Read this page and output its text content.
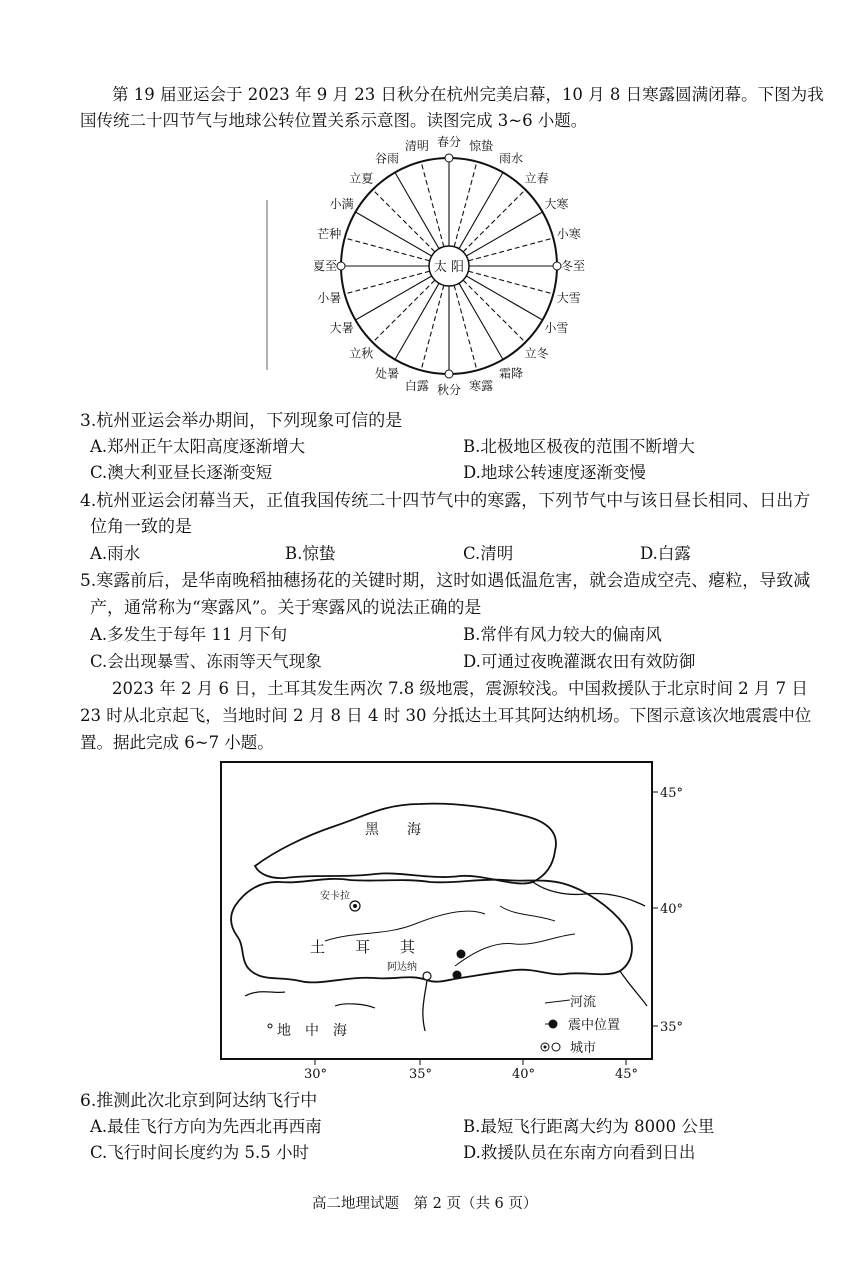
第 19 届亚运会于 2023 年 9 月 23 日秋分在杭州完美启幕，10 月 8 日寒露圆满闭幕。下图为我
国传统二十四节气与地球公转位置关系示意图。读图完成 3~6 小题。
春分 惊蛰
雨水
立春
大寒
小寒
冬至
大雪
小雪
立冬
霜降
寒露
秋分
白露
处暑
立秋
大暑
小暑
夏至
芒种
小满
立夏
谷雨
清明
太 阳
3.杭州亚运会举办期间，下列现象可信的是
A.郑州正午太阳高度逐渐增大	B.北极地区极夜的范围不断增大
C.澳大利亚昼长逐渐变短	D.地球公转速度逐渐变慢
4.杭州亚运会闭幕当天，正值我国传统二十四节气中的寒露，下列节气中与该日昼长相同、日出方
位角一致的是
A.雨水	B.惊蛰	C.清明	D.白露
5.寒露前后，是华南晚稻抽穗扬花的关键时期，这时如遇低温危害，就会造成空壳、瘪粒，导致减
产，通常称为“寒露风”。关于寒露风的说法正确的是
A.多发生于每年 11 月下旬	B.常伴有风力较大的偏南风
C.会出现暴雪、冻雨等天气现象	D.可通过夜晚灌溉农田有效防御
2023 年 2 月 6 日，土耳其发生两次 7.8 级地震，震源较浅。中国救援队于北京时间 2 月 7 日
23 时从北京起飞，当地时间 2 月 8 日 4 时 30 分抵达土耳其阿达纳机场。下图示意该次地震震中位
置。据此完成 6~7 小题。
安卡拉
阿达纳
黑　　海
土　　耳　　其
地　中　海
河流
震中位置
城市
45°
40°
35°
30°	35°	40°	45°
6.推测此次北京到阿达纳飞行中
A.最佳飞行方向为先西北再西南	B.最短飞行距离大约为 8000 公里
C.飞行时间长度约为 5.5 小时	D.救援队员在东南方向看到日出
高二地理试题　第 2 页（共 6 页）
